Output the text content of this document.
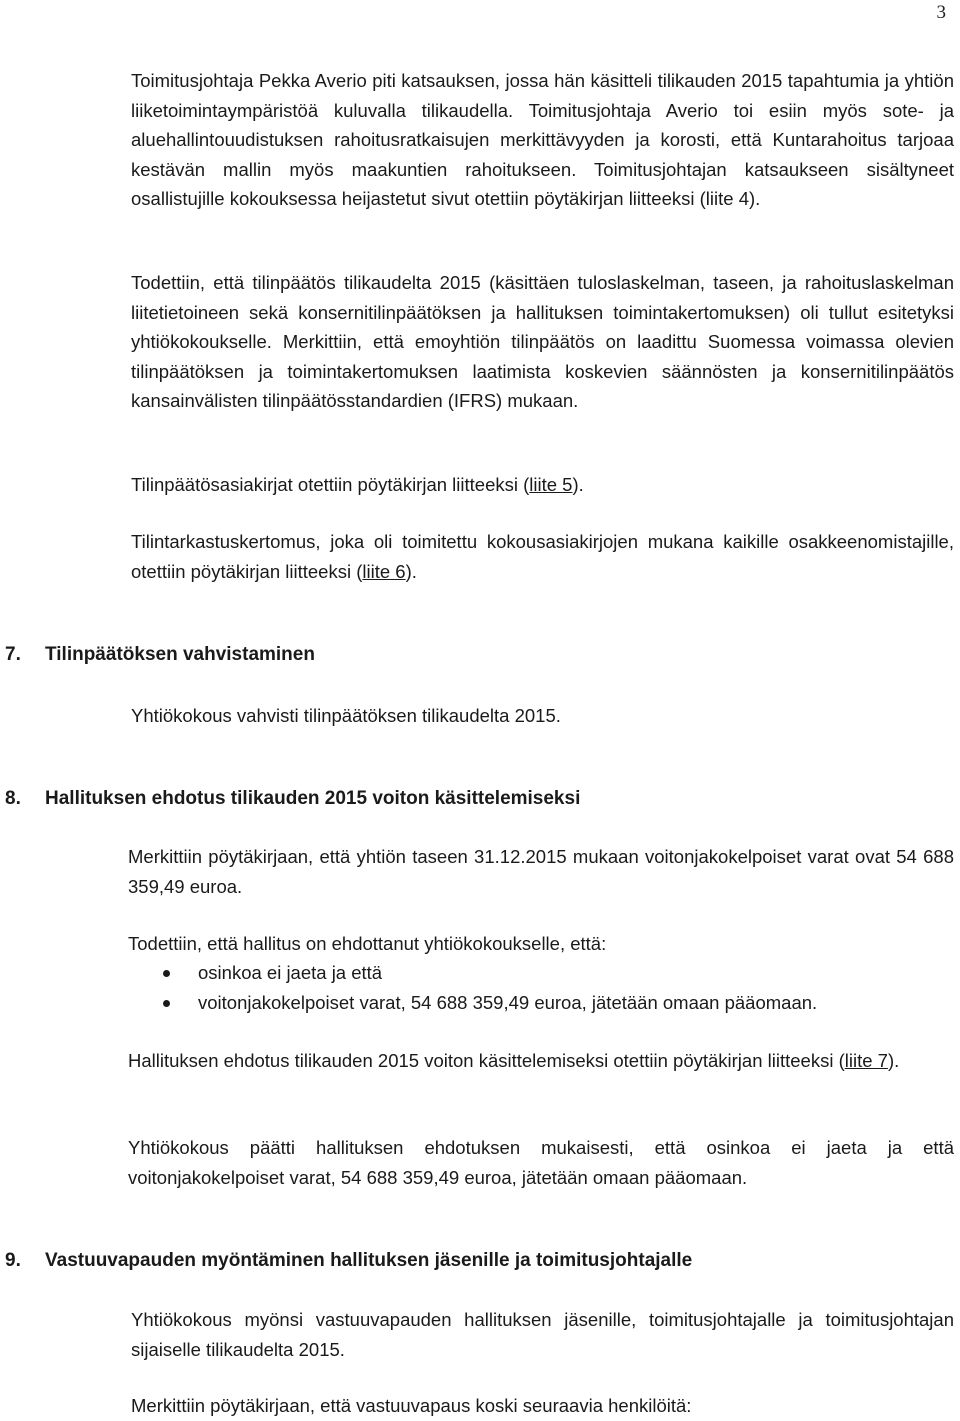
3

Toimitusjohtaja Pekka Averio piti katsauksen, jossa hän käsitteli tilikauden 2015 tapahtumia ja yhtiön liiketoimintaympäristöä kuluvalla tilikaudella. Toimitusjohtaja Averio toi esiin myös sote- ja aluehallintouudistuksen rahoitusratkaisujen merkittävyyden ja korosti, että Kuntarahoitus tarjoaa kestävän mallin myös maakuntien rahoitukseen. Toimitusjohtajan katsaukseen sisältyneet osallistujille kokouksessa heijastetut sivut otettiin pöytäkirjan liitteeksi (liite 4).

Todettiin, että tilinpäätös tilikaudelta 2015 (käsittäen tuloslaskelman, taseen, ja rahoituslaskelman liitetietoineen sekä konsernitilinpäätöksen ja hallituksen toimintakertomuksen) oli tullut esitetyksi yhtiökokoukselle. Merkittiin, että emoyhtiön tilinpäätös on laadittu Suomessa voimassa olevien tilinpäätöksen ja toimintakertomuksen laatimista koskevien säännösten ja konsernitilinpäätös kansainvälisten tilinpäätösstandardien (IFRS) mukaan.

Tilinpäätösasiakirjat otettiin pöytäkirjan liitteeksi (liite 5).

Tilintarkastuskertomus, joka oli toimitettu kokousasiakirjojen mukana kaikille osakkeenomistajille, otettiin pöytäkirjan liitteeksi (liite 6).

7. Tilinpäätöksen vahvistaminen

Yhtiökokous vahvisti tilinpäätöksen tilikaudelta 2015.

8. Hallituksen ehdotus tilikauden 2015 voiton käsittelemiseksi

Merkittiin pöytäkirjaan, että yhtiön taseen 31.12.2015 mukaan voitonjakokelpoiset varat ovat 54 688 359,49 euroa.

Todettiin, että hallitus on ehdottanut yhtiökokoukselle, että:

osinkoa ei jaeta ja että
voitonjakokelpoiset varat, 54 688 359,49 euroa, jätetään omaan pääomaan.

Hallituksen ehdotus tilikauden 2015 voiton käsittelemiseksi otettiin pöytäkirjan liitteeksi (liite 7).

Yhtiökokous päätti hallituksen ehdotuksen mukaisesti, että osinkoa ei jaeta ja että voitonjakokelpoiset varat, 54 688 359,49 euroa, jätetään omaan pääomaan.

9. Vastuuvapauden myöntäminen hallituksen jäsenille ja toimitusjohtajalle

Yhtiökokous myönsi vastuuvapauden hallituksen jäsenille, toimitusjohtajalle ja toimitusjohtajan sijaiselle tilikaudelta 2015.

Merkittiin pöytäkirjaan, että vastuuvapaus koski seuraavia henkilöitä:
